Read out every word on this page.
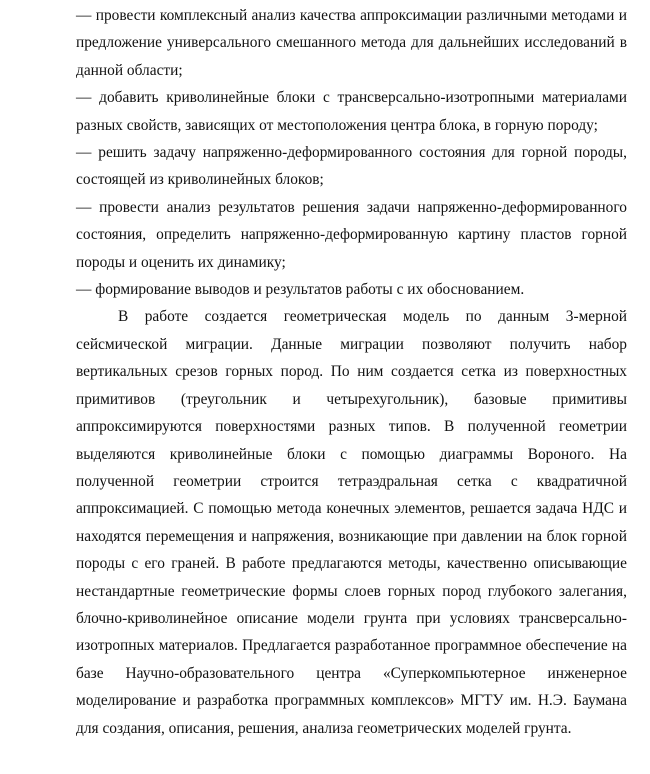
— провести комплексный анализ качества аппроксимации различными методами и предложение универсального смешанного метода для дальнейших исследований в данной области;

— добавить криволинейные блоки с трансверсально-изотропными материалами разных свойств, зависящих от местоположения центра блока, в горную породу;

— решить задачу напряженно-деформированного состояния для горной породы, состоящей из криволинейных блоков;

— провести анализ результатов решения задачи напряженно-деформированного состояния, определить напряженно-деформированную картину пластов горной породы и оценить их динамику;

— формирование выводов и результатов работы с их обоснованием.

В работе создается геометрическая модель по данным 3-мерной сейсмической миграции. Данные миграции позволяют получить набор вертикальных срезов горных пород. По ним создается сетка из поверхностных примитивов (треугольник и четырехугольник), базовые примитивы аппроксимируются поверхностями разных типов. В полученной геометрии выделяются криволинейные блоки с помощью диаграммы Вороного. На полученной геометрии строится тетраэдральная сетка с квадратичной аппроксимацией. С помощью метода конечных элементов, решается задача НДС и находятся перемещения и напряжения, возникающие при давлении на блок горной породы с его граней. В работе предлагаются методы, качественно описывающие нестандартные геометрические формы слоев горных пород глубокого залегания, блочно-криволинейное описание модели грунта при условиях трансверсально-изотропных материалов. Предлагается разработанное программное обеспечение на базе Научно-образовательного центра «Суперкомпьютерное инженерное моделирование и разработка программных комплексов» МГТУ им. Н.Э. Баумана для создания, описания, решения, анализа геометрических моделей грунта.
